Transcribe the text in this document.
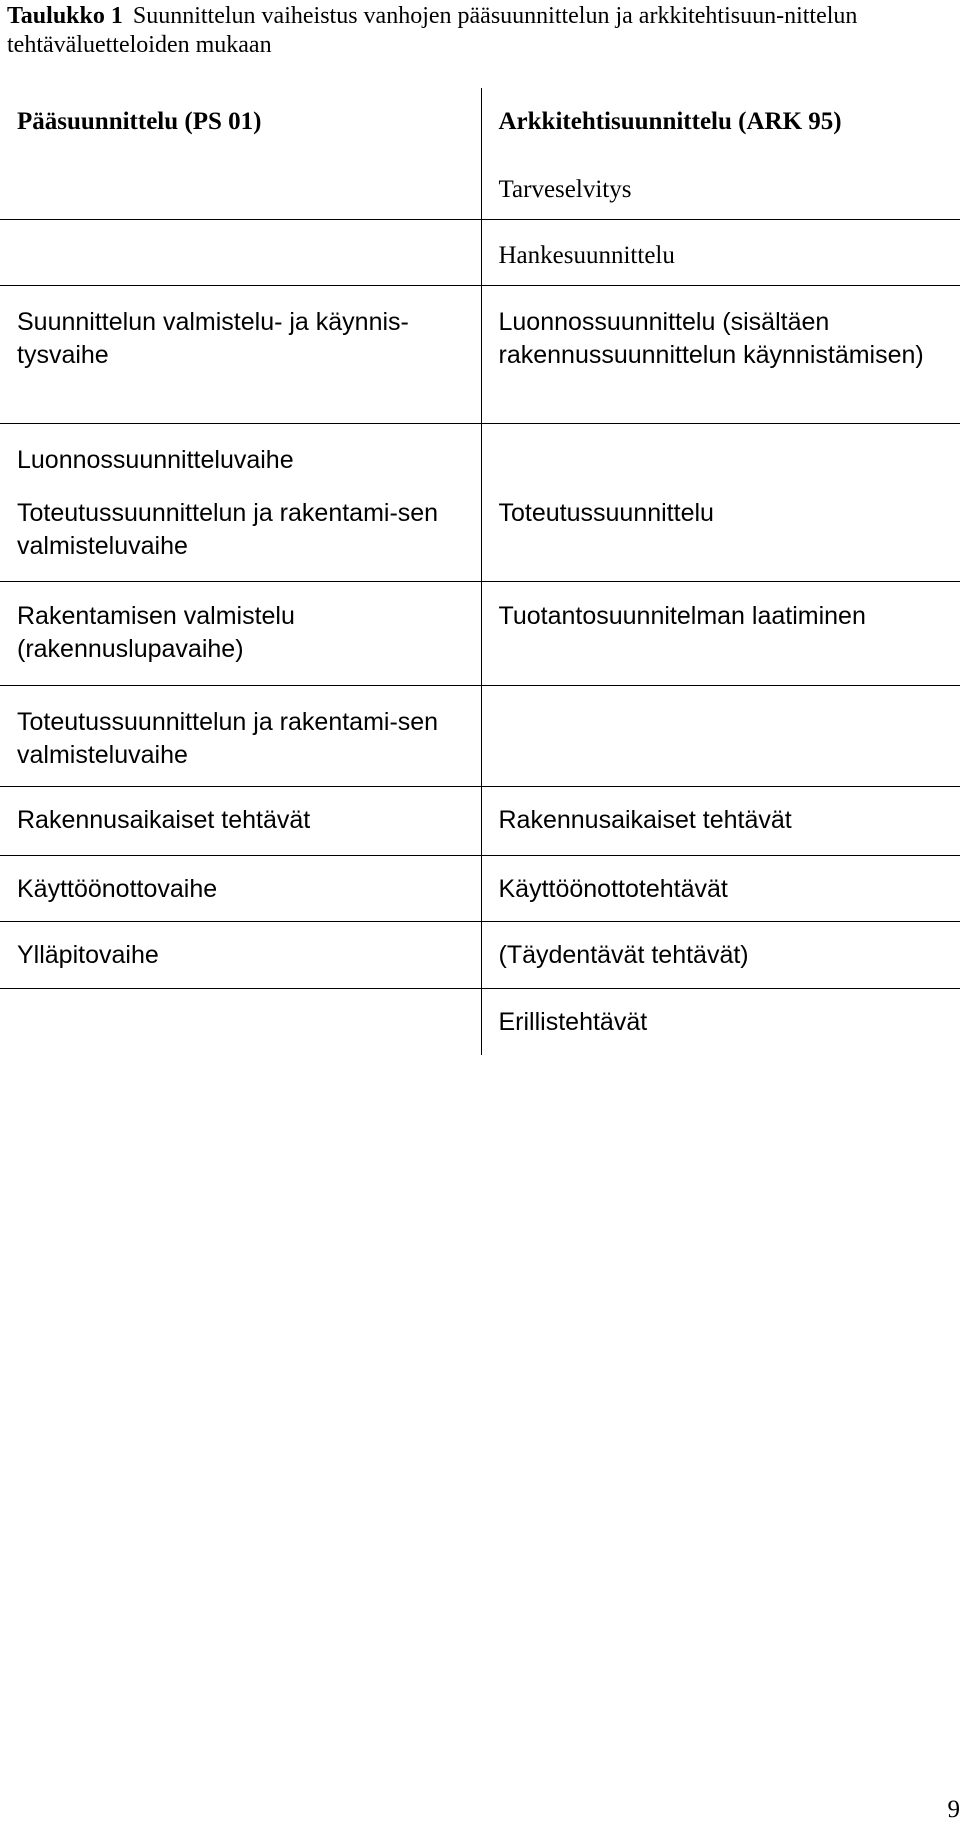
Taulukko 1 Suunnittelun vaiheistus vanhojen pääsuunnittelun ja arkkitehtisuun-nittelun tehtäväluetteloiden mukaan
Pääsuunnittelu (PS 01)	Arkkitehtisuunnittelu (ARK 95)
	Tarveselvitys
	Hankesuunnittelu
Suunnittelun valmistelu- ja käynnis-tysvaihe	Luonnossuunnittelu (sisältäen rakennussuunnittelun käynnistämisen)
Luonnossuunnitteluvaihe	
Toteutussuunnittelun ja rakentami-sen valmisteluvaihe	Toteutussuunnittelu
Rakentamisen valmistelu (rakennuslupavaihe)	Tuotantosuunnitelman laatiminen
Toteutussuunnittelun ja rakentami-sen valmisteluvaihe	
Rakennusaikaiset tehtävät	Rakennusaikaiset tehtävät
Käyttöönottovaihe	Käyttöönottotehtävät
Ylläpitovaihe	(Täydentävät tehtävät)
	Erillistehtävät
9
